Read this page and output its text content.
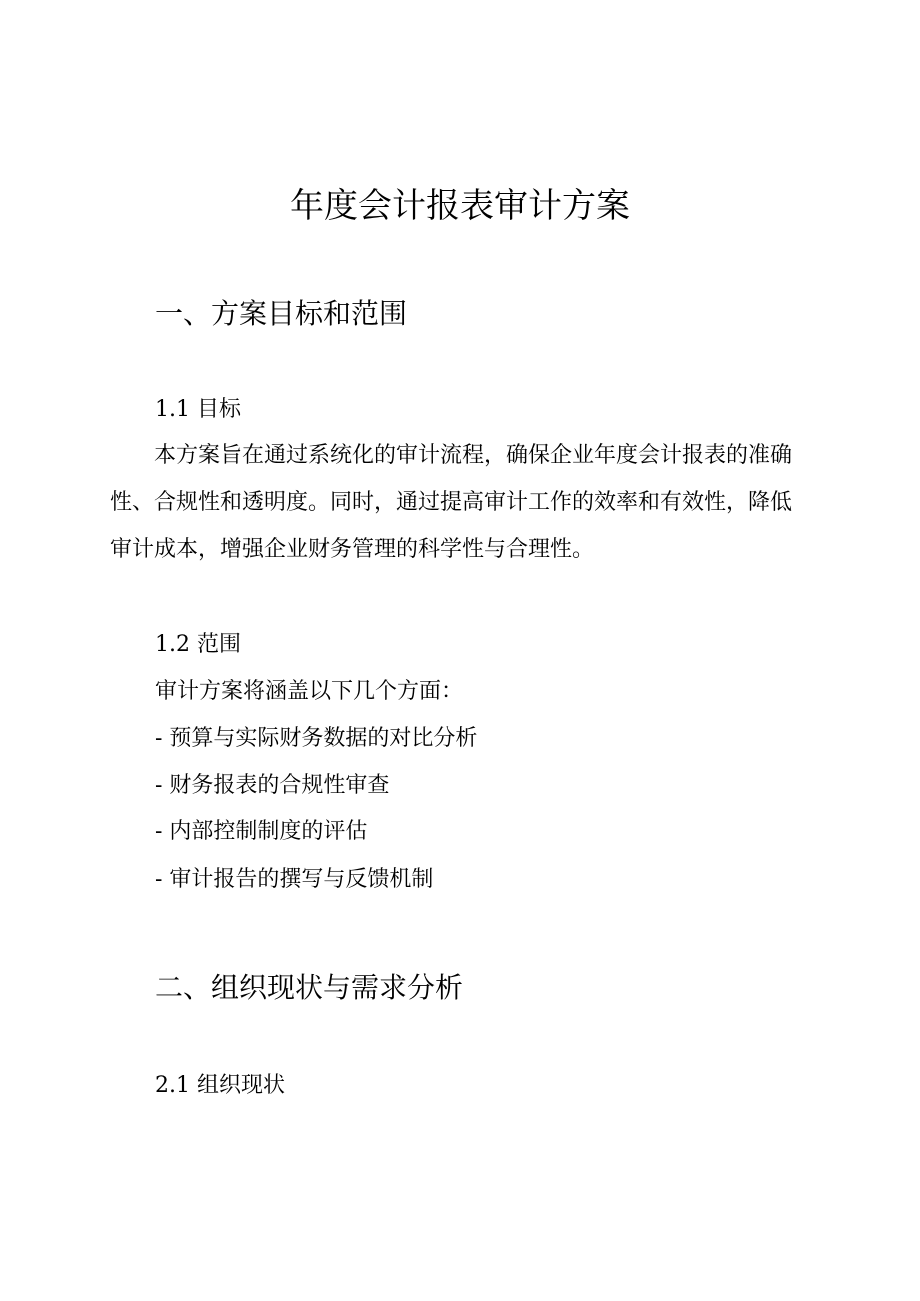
年度会计报表审计方案
一、方案目标和范围
1.1 目标
本方案旨在通过系统化的审计流程，确保企业年度会计报表的准确性、合规性和透明度。同时，通过提高审计工作的效率和有效性，降低审计成本，增强企业财务管理的科学性与合理性。
1.2 范围
审计方案将涵盖以下几个方面：
- 预算与实际财务数据的对比分析
- 财务报表的合规性审查
- 内部控制制度的评估
- 审计报告的撰写与反馈机制
二、组织现状与需求分析
2.1 组织现状
